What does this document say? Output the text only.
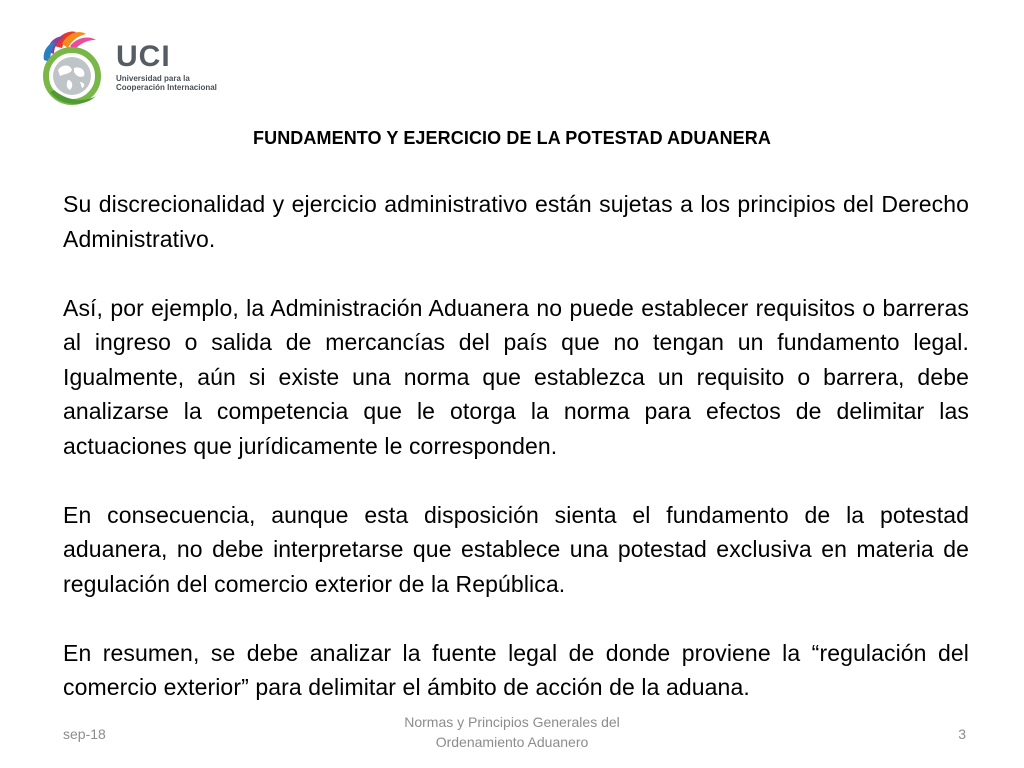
UCI
Universidad para la
Cooperación Internacional
FUNDAMENTO Y EJERCICIO DE LA POTESTAD ADUANERA

Su discrecionalidad y ejercicio administrativo están sujetas a los principios del Derecho Administrativo.

Así, por ejemplo, la Administración Aduanera no puede establecer requisitos o barreras al ingreso o salida de mercancías del país que no tengan un fundamento legal. Igualmente, aún si existe una norma que establezca un requisito o barrera, debe analizarse la competencia que le otorga la norma para efectos de delimitar las actuaciones que jurídicamente le corresponden.

En consecuencia, aunque esta disposición sienta el fundamento de la potestad aduanera, no debe interpretarse que establece una potestad exclusiva en materia de regulación del comercio exterior de la República.

En resumen, se debe analizar la fuente legal de donde proviene la “regulación del comercio exterior” para delimitar el ámbito de acción de la aduana.

sep-18
Normas y Principios Generales del
Ordenamiento Aduanero	3
